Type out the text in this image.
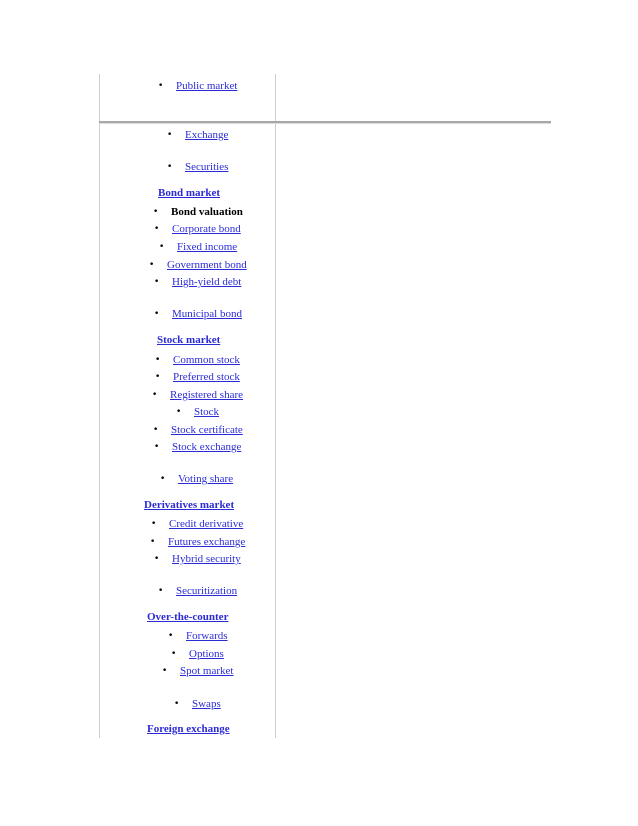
• Public market
• Exchange
• Securities
Bond market
• Bond valuation
• Corporate bond
• Fixed income
• Government bond
• High-yield debt
• Municipal bond
Stock market
• Common stock
• Preferred stock
• Registered share
• Stock
• Stock certificate
• Stock exchange
• Voting share
Derivatives market
• Credit derivative
• Futures exchange
• Hybrid security
• Securitization
Over-the-counter
• Forwards
• Options
• Spot market
• Swaps
Foreign exchange
